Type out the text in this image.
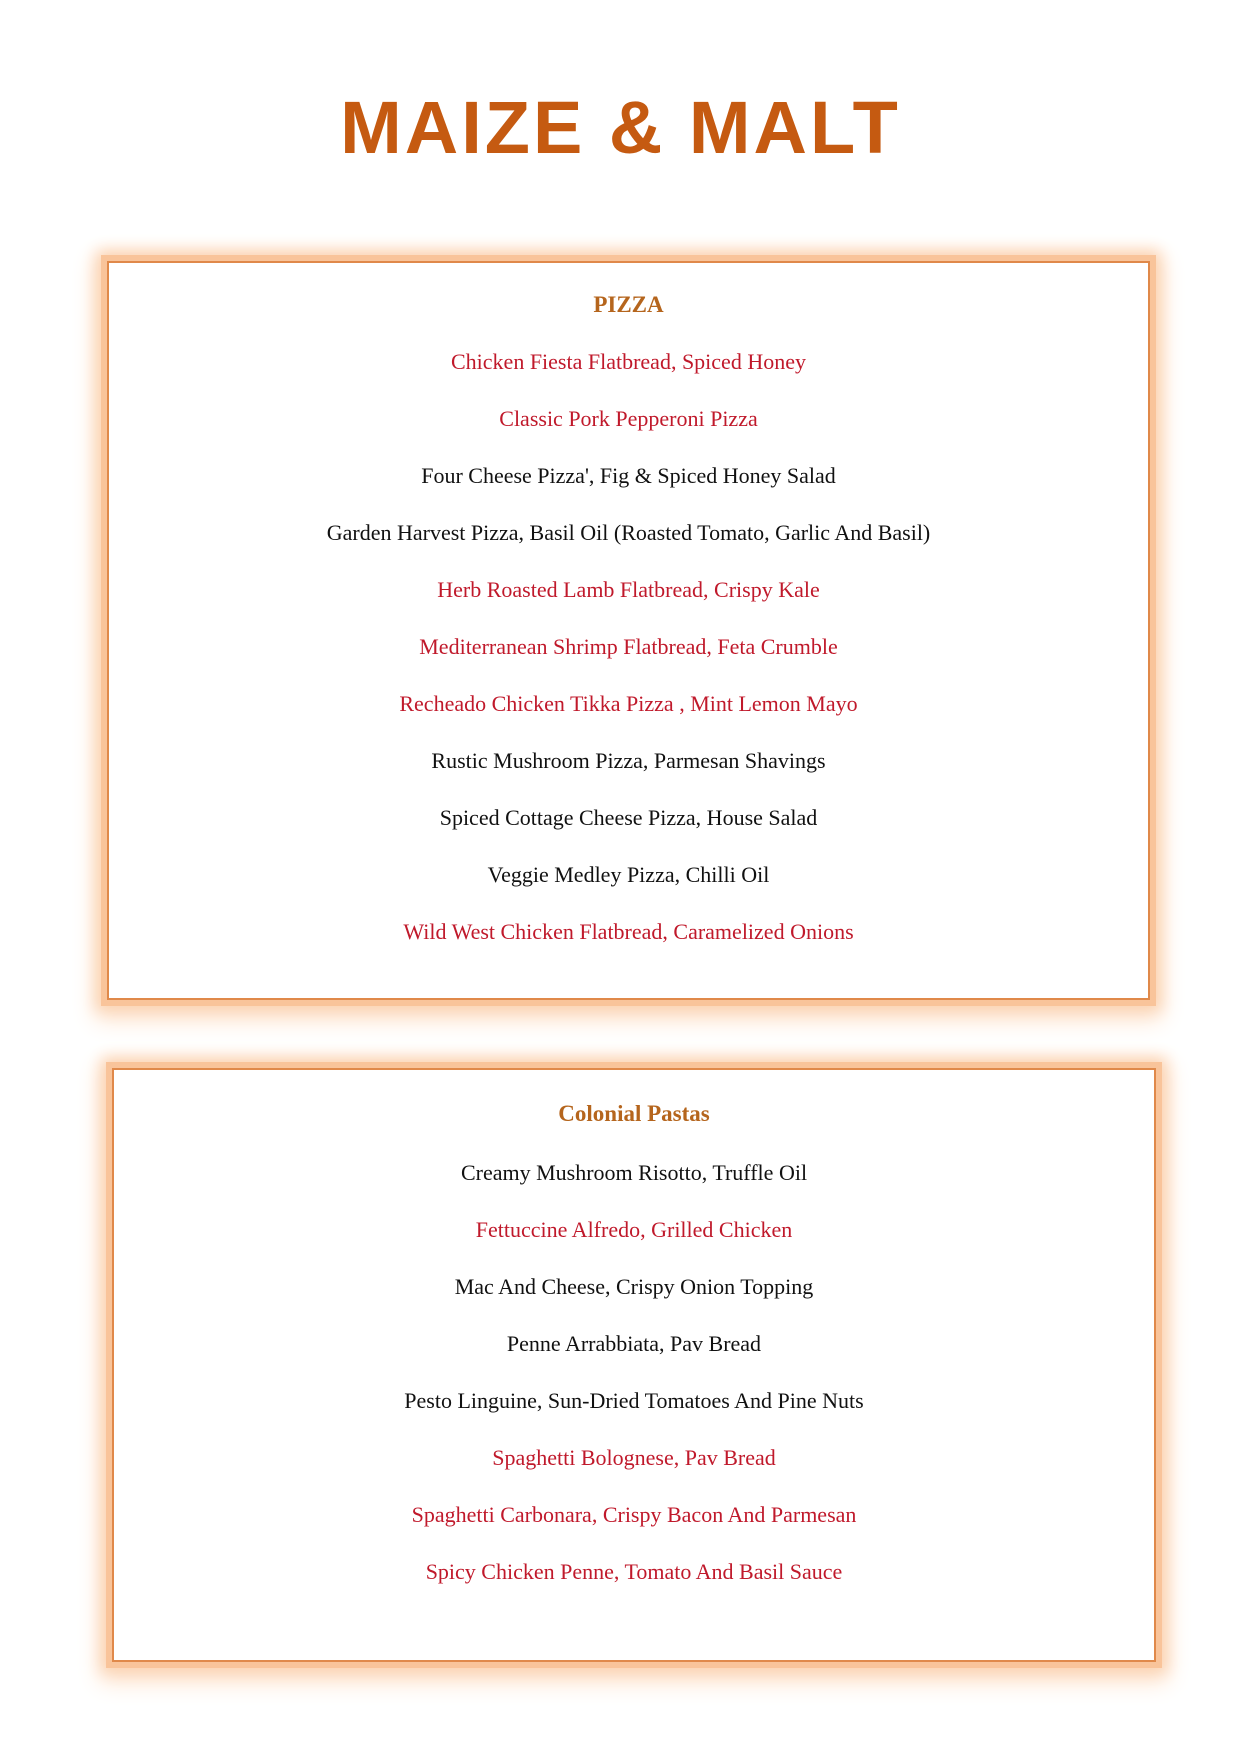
MAIZE & MALT
PIZZA
Chicken Fiesta Flatbread, Spiced Honey
Classic Pork Pepperoni Pizza
Four Cheese Pizza', Fig & Spiced Honey Salad
Garden Harvest Pizza, Basil Oil (Roasted Tomato, Garlic And Basil)
Herb Roasted Lamb Flatbread, Crispy Kale
Mediterranean Shrimp Flatbread, Feta Crumble
Recheado Chicken Tikka Pizza , Mint Lemon Mayo
Rustic Mushroom Pizza, Parmesan Shavings
Spiced Cottage Cheese Pizza, House Salad
Veggie Medley Pizza, Chilli Oil
Wild West Chicken Flatbread, Caramelized Onions
Colonial Pastas
Creamy Mushroom Risotto, Truffle Oil
Fettuccine Alfredo, Grilled Chicken
Mac And Cheese, Crispy Onion Topping
Penne Arrabbiata, Pav Bread
Pesto Linguine, Sun-Dried Tomatoes And Pine Nuts
Spaghetti Bolognese, Pav Bread
Spaghetti Carbonara, Crispy Bacon And Parmesan
Spicy Chicken Penne, Tomato And Basil Sauce
